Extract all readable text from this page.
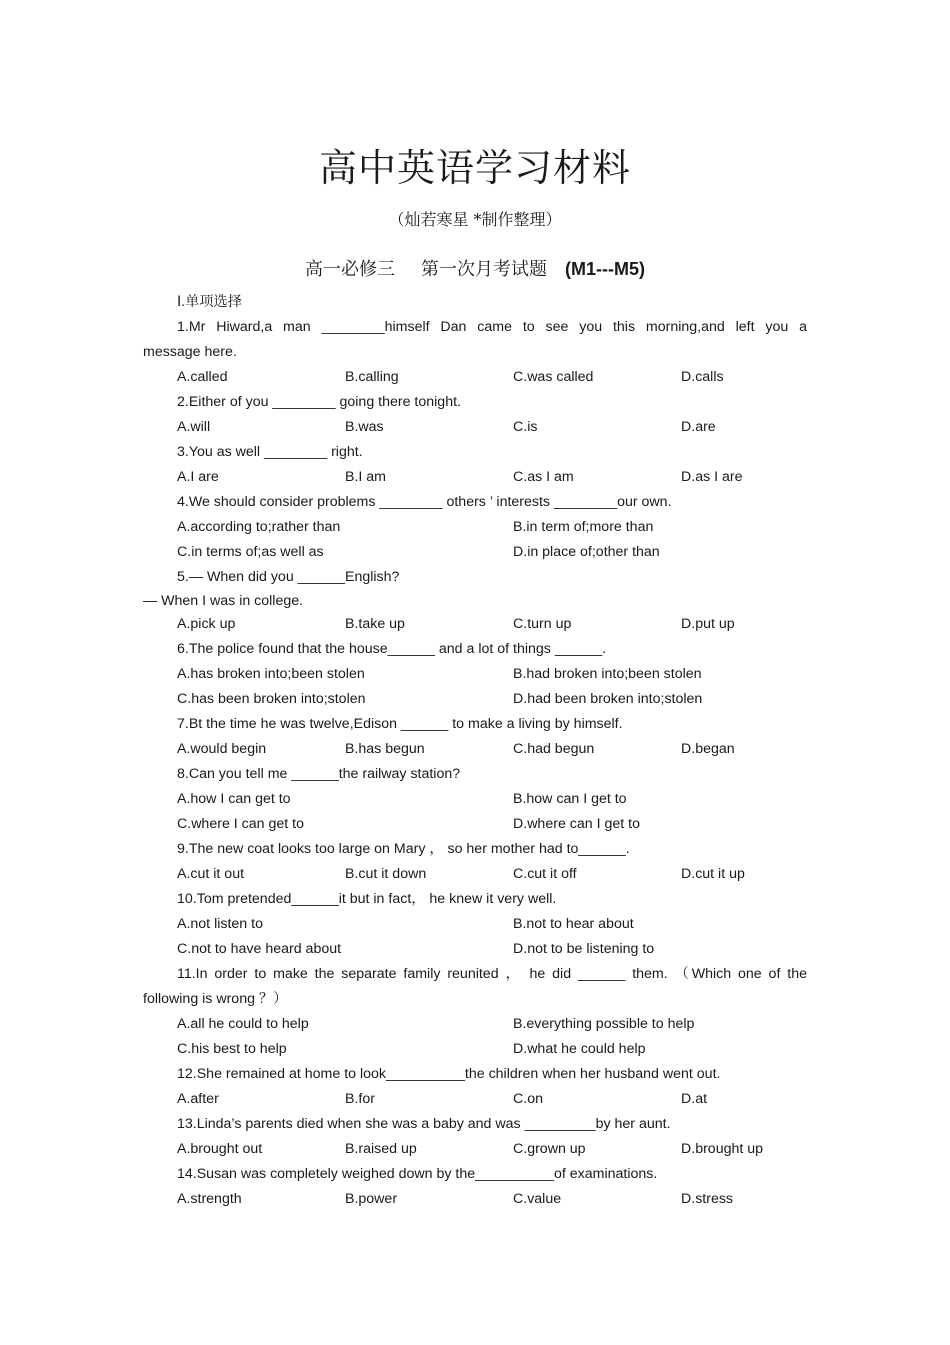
高中英语学习材料
（灿若寒星 *制作整理）
高一必修三 第一次月考试题 (M1---M5)
Ⅰ.单项选择
1.Mr Hiward,a man ________himself Dan came to see you this morning,and left you a
message here.
A.called	B.calling	C.was called	D.calls
2.Either of you ________ going there tonight.
A.will	B.was	C.is	D.are
3.You as well ________ right.
A.I are	B.I am	C.as I am	D.as I are
4.We should consider problems ________ others ’ interests ________our own.
A.according to;rather than	B.in term of;more than
C.in terms of;as well as	D.in place of;other than
5.— When did you ______English?
— When I was in college.
A.pick up	B.take up	C.turn up	D.put up
6.The police found that the house______ and a lot of things ______.
A.has broken into;been stolen	B.had broken into;been stolen
C.has been broken into;stolen	D.had been broken into;stolen
7.Bt the time he was twelve,Edison ______ to make a living by himself.
A.would begin	B.has begun	C.had begun	D.began
8.Can you tell me ______the railway station?
A.how I can get to	B.how can I get to
C.where I can get to	D.where can I get to
9.The new coat looks too large on Mary ， so her mother had to______.
A.cut it out	B.cut it down	C.cut it off	D.cut it up
10.Tom pretended______it but in fact， he knew it very well.
A.not listen to	B.not to hear about
C.not to have heard about	D.not to be listening to
11.In order to make the separate family reunited ， he did ______ them. （Which one of the
following is wrong ？）
A.all he could to help	B.everything possible to help
C.his best to help	D.what he could help
12.She remained at home to look__________the children when her husband went out.
A.after	B.for	C.on	D.at
13.Linda’s parents died when she was a baby and was _________by her aunt.
A.brought out	B.raised up	C.grown up	D.brought up
14.Susan was completely weighed down by the__________of examinations.
A.strength	B.power	C.value	D.stress
